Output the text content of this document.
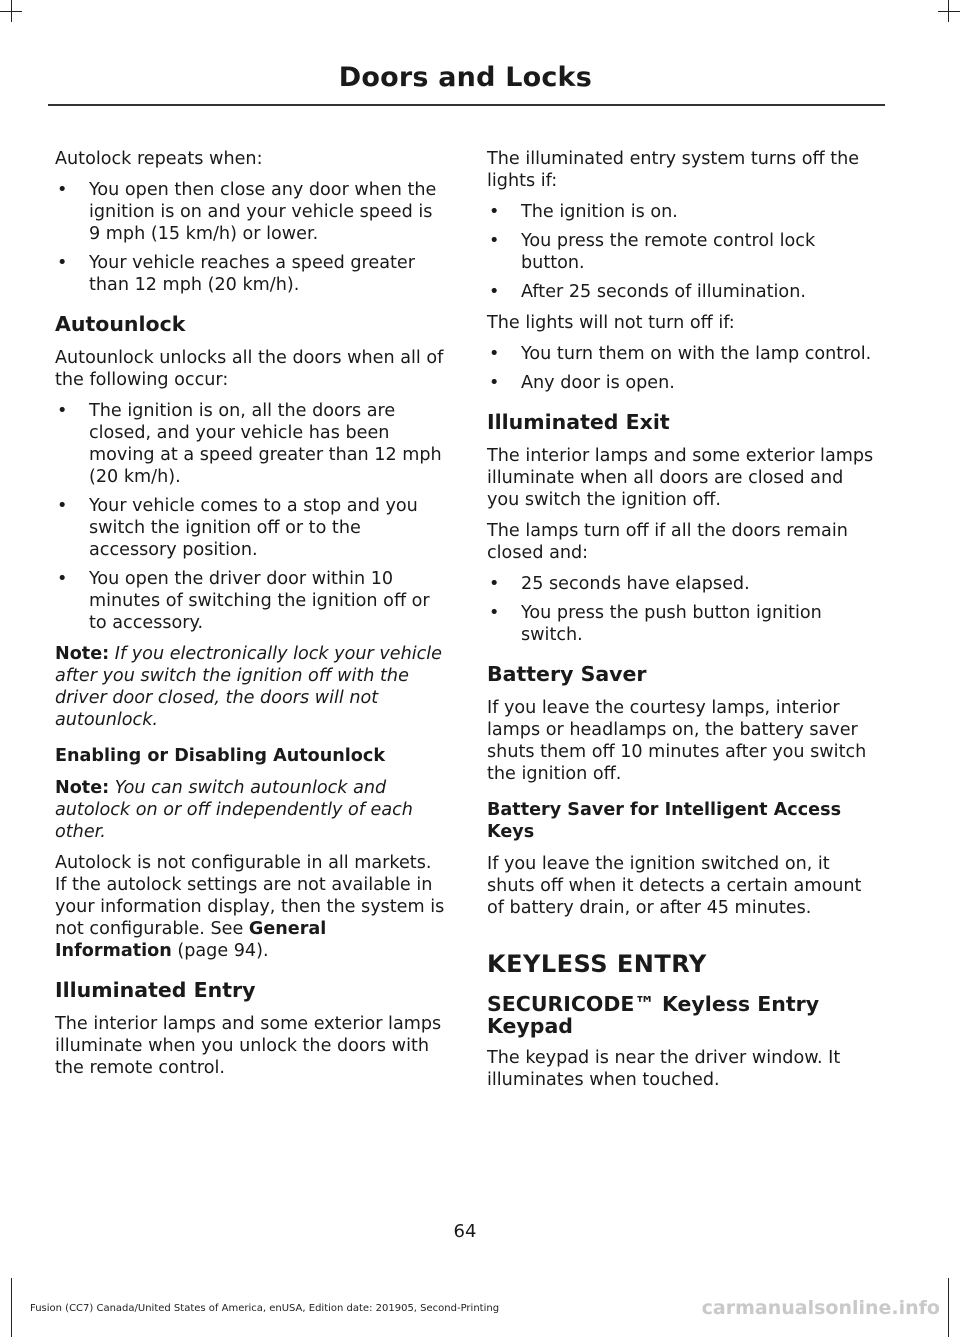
Doors and Locks

Autolock repeats when:

• You open then close any door when the ignition is on and your vehicle speed is 9 mph (15 km/h) or lower.
• Your vehicle reaches a speed greater than 12 mph (20 km/h).
Autounlock

Autounlock unlocks all the doors when all of the following occur:

• The ignition is on, all the doors are closed, and your vehicle has been moving at a speed greater than 12 mph (20 km/h).
• Your vehicle comes to a stop and you switch the ignition off or to the accessory position.
• You open the driver door within 10 minutes of switching the ignition off or to accessory.

Note: If you electronically lock your vehicle after you switch the ignition off with the driver door closed, the doors will not autounlock.

Enabling or Disabling Autounlock

Note: You can switch autounlock and autolock on or off independently of each other.

Autolock is not configurable in all markets. If the autolock settings are not available in your information display, then the system is not configurable. See General Information (page 94).

Illuminated Entry

The interior lamps and some exterior lamps illuminate when you unlock the doors with the remote control.

The illuminated entry system turns off the lights if:

• The ignition is on.
• You press the remote control lock button.
• After 25 seconds of illumination.

The lights will not turn off if:

• You turn them on with the lamp control.
• Any door is open.
Illuminated Exit

The interior lamps and some exterior lamps illuminate when all doors are closed and you switch the ignition off.

The lamps turn off if all the doors remain closed and:

• 25 seconds have elapsed.
• You press the push button ignition switch.
Battery Saver

If you leave the courtesy lamps, interior lamps or headlamps on, the battery saver shuts them off 10 minutes after you switch the ignition off.

Battery Saver for Intelligent Access Keys

If you leave the ignition switched on, it shuts off when it detects a certain amount of battery drain, or after 45 minutes.

KEYLESS ENTRY
SECURICODE™ Keyless Entry Keypad

The keypad is near the driver window. It illuminates when touched.

64
Fusion (CC7) Canada/United States of America, enUSA, Edition date: 201905, Second-Printing	carmanualsonline.info
